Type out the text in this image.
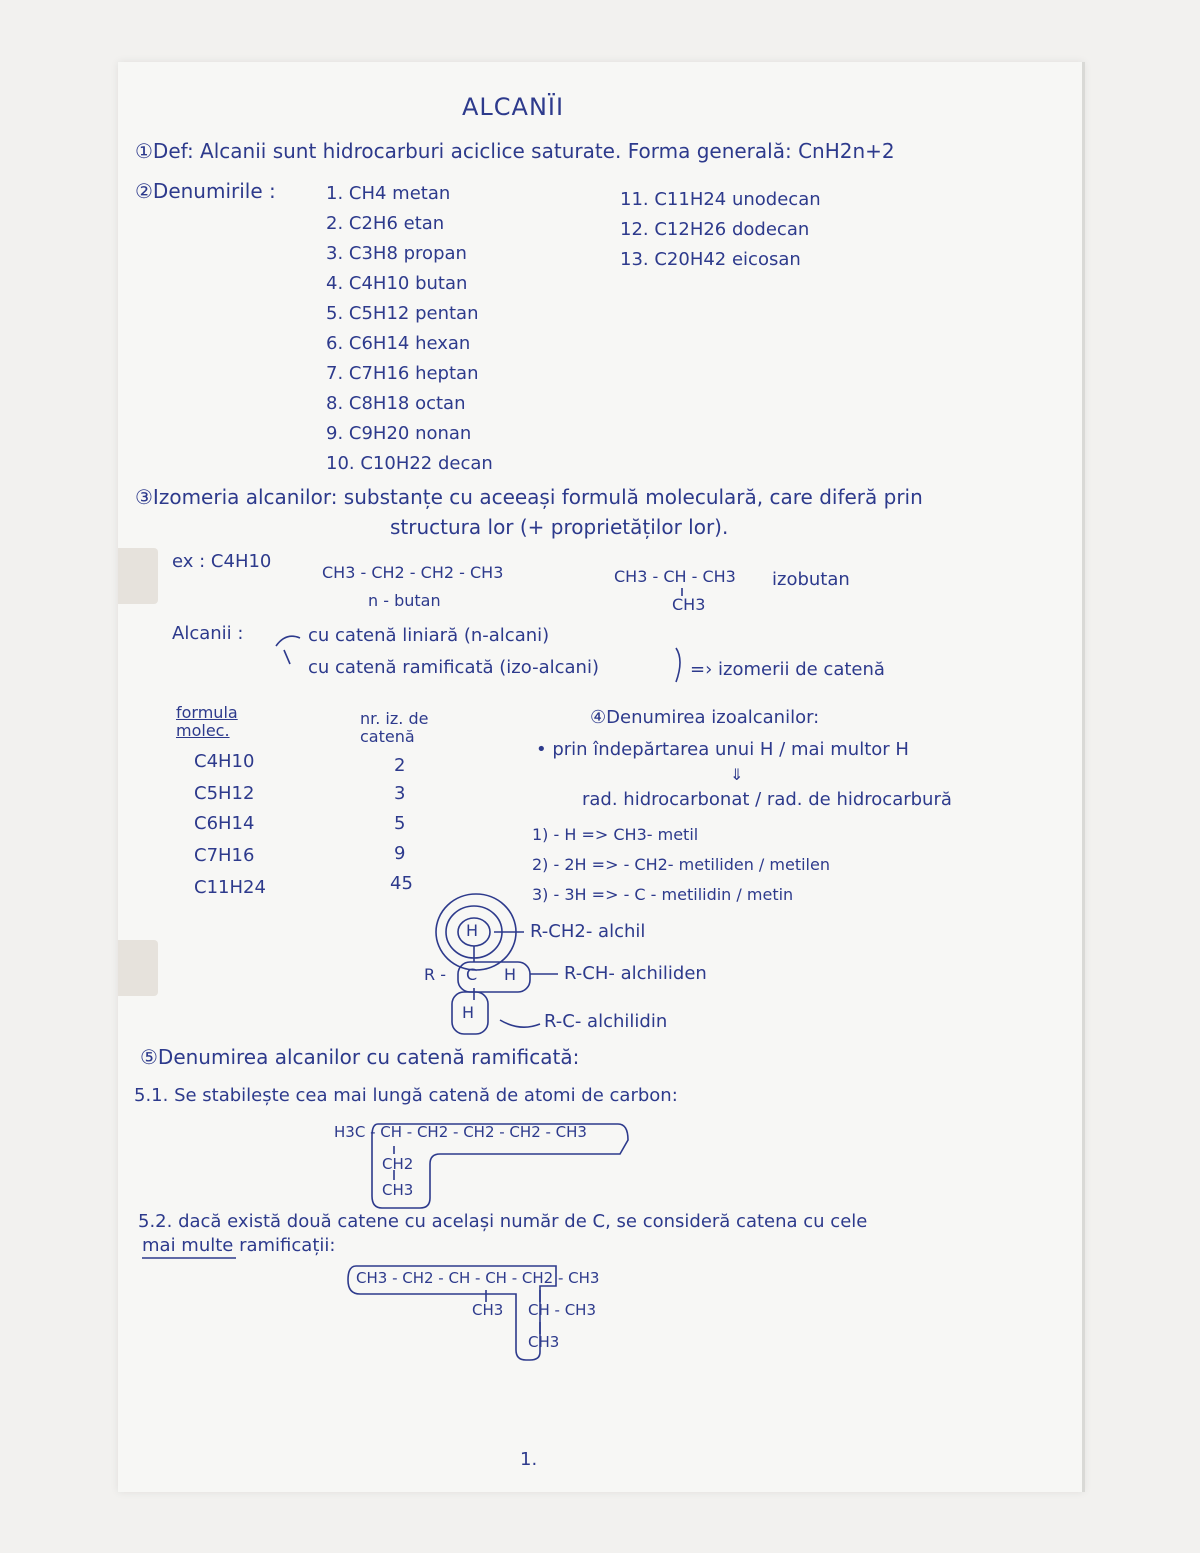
ALCANÏI
①Def: Alcanii sunt hidrocarburi aciclice saturate. Forma generală: CnH2n+2
②Denumirile :	1. CH4 metan
2. C2H6 etan
3. C3H8 propan
4. C4H10 butan
5. C5H12 pentan
6. C6H14 hexan
7. C7H16 heptan
8. C8H18 octan
9. C9H20 nonan
10. C10H22 decan
11. C11H24 unodecan
12. C12H26 dodecan
13. C20H42 eicosan
③Izomeria alcanilor: substanțe cu aceeași formulă moleculară, care diferă prin
structura lor (+ proprietăților lor).
ex : C4H10
CH3 - CH2 - CH2 - CH3
n - butan
CH3 - CH - CH3
CH3
izobutan
Alcanii :	cu catenă liniară (n-alcani)
cu catenă ramificată (izo-alcani)	=› izomerii de catenă
formula molec.
nr. iz. de catenă
C4H10	2
C5H12	3
C6H14	5
C7H16	9
C11H24	45
④Denumirea izoalcanilor:
• prin îndepărtarea unui H / mai multor H
⇓
rad. hidrocarbonat / rad. de hidrocarbură
1) - H => CH3- metil
2) - 2H => - CH2- metiliden / metilen
3) - 3H => - C - metilidin / metin
H
R - C H
H
R-CH2- alchil
R-CH- alchiliden
R-C- alchilidin
⑤Denumirea alcanilor cu catenă ramificată:
5.1. Se stabilește cea mai lungă catenă de atomi de carbon:
H3C - CH - CH2 - CH2 - CH2 - CH3
CH2
CH3
5.2. dacă există două catene cu același număr de C, se consideră catena cu cele
mai multe ramificații:
CH3 - CH2 - CH - CH - CH2 - CH3
CH3 CH - CH3
CH3
1.
